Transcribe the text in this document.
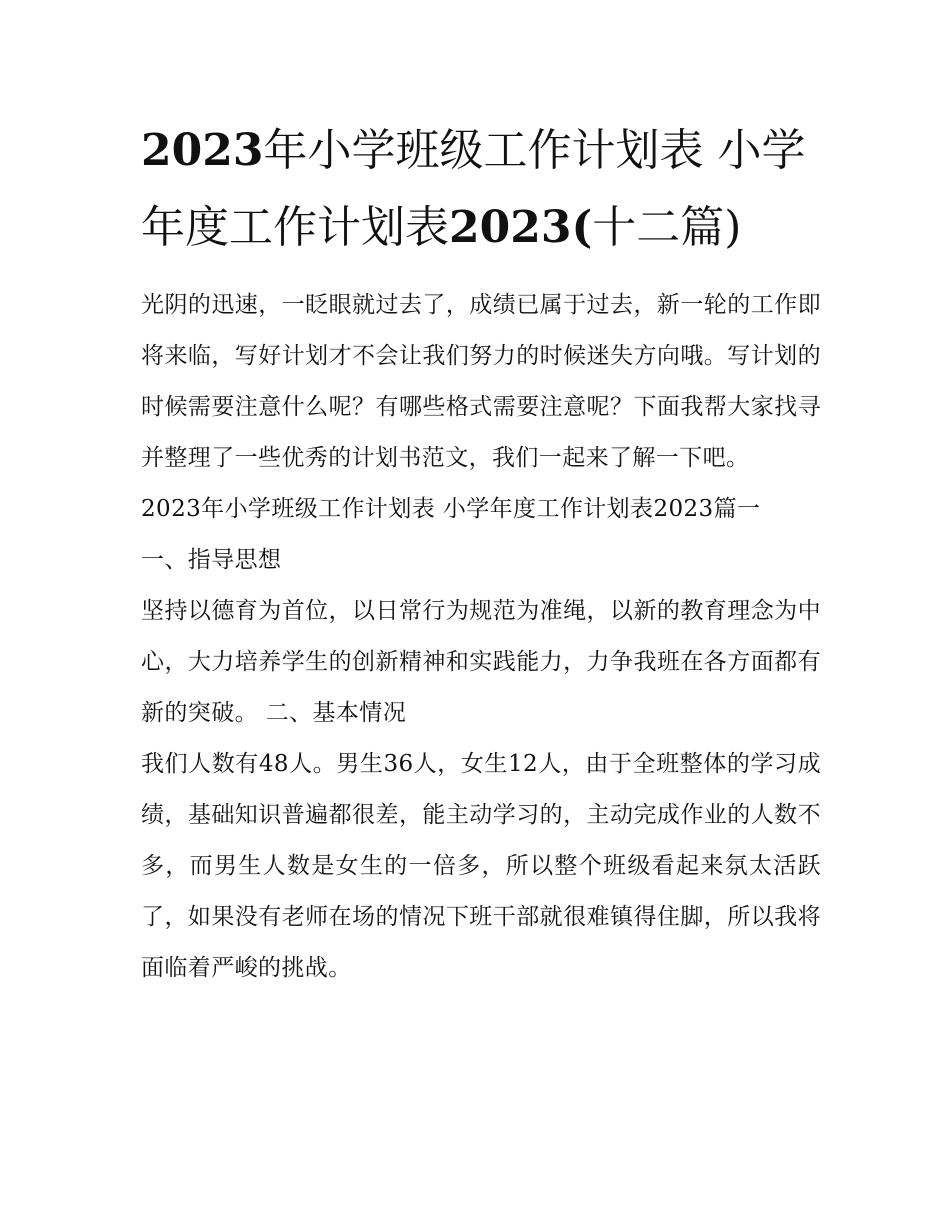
2023年小学班级工作计划表 小学年度工作计划表2023(十二篇)

光阴的迅速，一眨眼就过去了，成绩已属于过去，新一轮的工作即将来临，写好计划才不会让我们努力的时候迷失方向哦。写计划的时候需要注意什么呢？有哪些格式需要注意呢？下面我帮大家找寻并整理了一些优秀的计划书范文，我们一起来了解一下吧。

2023年小学班级工作计划表 小学年度工作计划表2023篇一

一、指导思想

坚持以德育为首位，以日常行为规范为准绳，以新的教育理念为中心，大力培养学生的创新精神和实践能力，力争我班在各方面都有新的突破。 二、基本情况

我们人数有48人。男生36人，女生12人，由于全班整体的学习成绩，基础知识普遍都很差，能主动学习的，主动完成作业的人数不多，而男生人数是女生的一倍多，所以整个班级看起来氛太活跃了，如果没有老师在场的情况下班干部就很难镇得住脚，所以我将面临着严峻的挑战。
